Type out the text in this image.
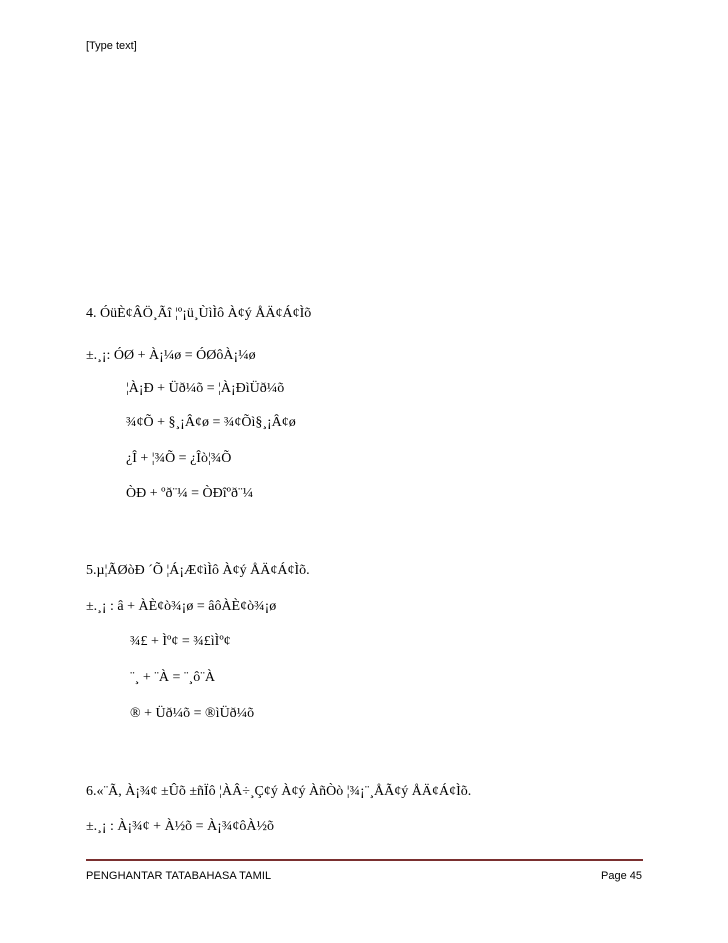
[Type text]
4. ÓüÈ¢ÂÖ¸Ãî ¦º¡ü¸ÙìÌô À¢ý ÅÄ¢Á¢Ìõ
±.¸¡: ÓØ + À¡¼ø = ÓØôÀ¡¼ø
¦À¡Ð + Üð¼õ = ¦À¡ÐìÜð¼õ
¾¢Õ + §¸¡Â¢ø = ¾¢Õì§¸¡Â¢ø
¿Î + ¦¾Õ = ¿Îò¦¾Õ
ÒÐ + ºð¨¼ = ÒÐîºð¨¼
5.µ¦ÃØòÐ ´Õ ¦Á¡Æ¢ìÌô À¢ý ÅÄ¢Á¢Ìõ.
±.¸¡ : â + ÀÈ¢ò¾¡ø = âôÀÈ¢ò¾¡ø
¾£ + Ìº¢ = ¾£ìÌº¢
¨¸ + ¨À = ¨¸ô¨À
® + Üð¼õ = ®ìÜð¼õ
6.«¨Ã, À¡¾¢ ±Ûõ ±ñÏô ¦ÀÂ÷¸Ç¢ý À¢ý ÀñÒò ¦¾¡¨¸ÅÃ¢ý ÅÄ¢Á¢Ìõ.
±.¸¡ : À¡¾¢ + À½õ = À¡¾¢ôÀ½õ
PENGHANTAR TATABAHASA TAMIL	Page 45
